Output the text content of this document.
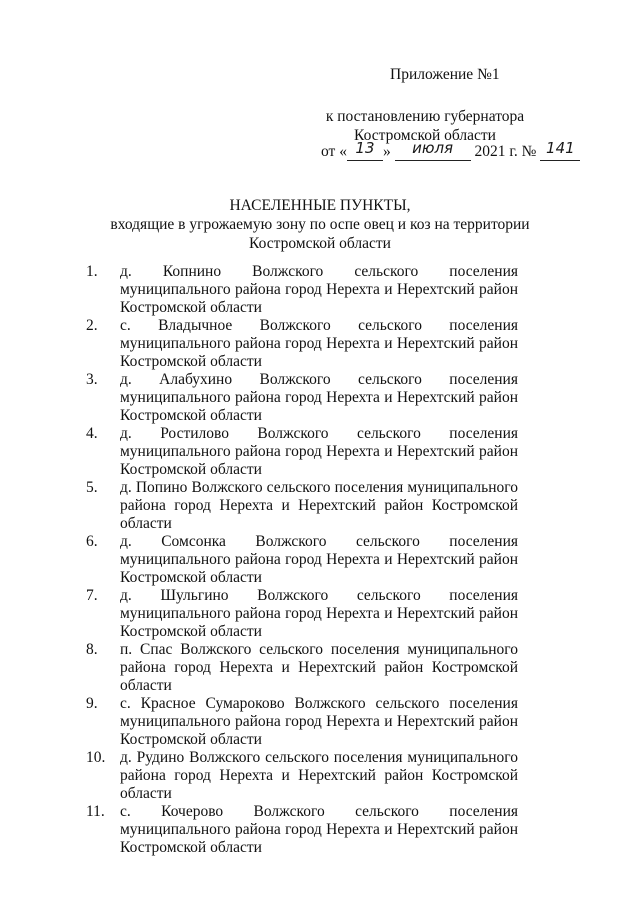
Приложение №1
к постановлению губернатора
Костромской области
от « 13 » июля 2021 г. № 141
НАСЕЛЕННЫЕ ПУНКТЫ,
входящие в угрожаемую зону по оспе овец и коз на территории
Костромской области
1. д. Копнино Волжского сельского поселения муниципального района город Нерехта и Нерехтский район Костромской области
2. с. Владычное Волжского сельского поселения муниципального района город Нерехта и Нерехтский район Костромской области
3. д. Алабухино Волжского сельского поселения муниципального района город Нерехта и Нерехтский район Костромской области
4. д. Ростилово Волжского сельского поселения муниципального района город Нерехта и Нерехтский район Костромской области
5. д. Попино Волжского сельского поселения муниципального района город Нерехта и Нерехтский район Костромской области
6. д. Сомсонка Волжского сельского поселения муниципального района город Нерехта и Нерехтский район Костромской области
7. д. Шульгино Волжского сельского поселения муниципального района город Нерехта и Нерехтский район Костромской области
8. п. Спас Волжского сельского поселения муниципального района город Нерехта и Нерехтский район Костромской области
9. с. Красное Сумароково Волжского сельского поселения муниципального района город Нерехта и Нерехтский район Костромской области
10. д. Рудино Волжского сельского поселения муниципального района город Нерехта и Нерехтский район Костромской области
11. с. Кочерово Волжского сельского поселения муниципального района город Нерехта и Нерехтский район Костромской области
